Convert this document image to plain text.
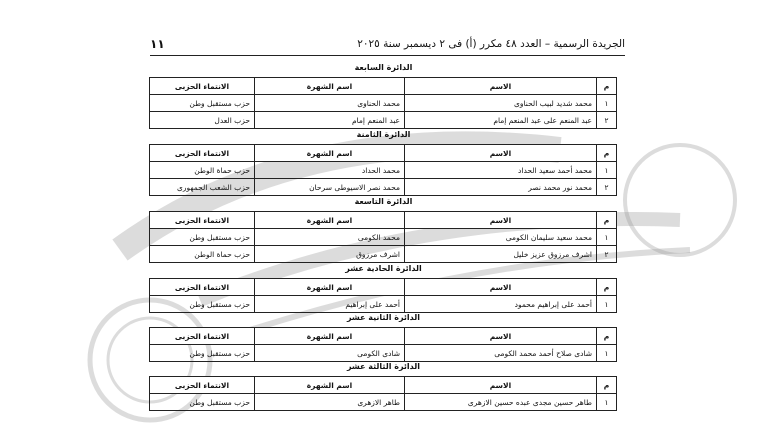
الجريدة الرسمية – العدد ٤٨ مكرر (أ) فى ٢ ديسمبر سنة ٢٠٢٥
١١
الدائرة السابعة
م	الاسم	اسم الشهرة	الانتماء الحزبى
١	محمد شديد لبيب الحناوى	محمد الحناوى	حزب مستقبل وطن
٢	عبد المنعم على عبد المنعم إمام	عبد المنعم إمام	حزب العدل
الدائرة الثامنة
م	الاسم	اسم الشهرة	الانتماء الحزبى
١	محمد أحمد سعيد الحداد	محمد الحداد	حزب حماة الوطن
٢	محمد نور محمد نصر	محمد نصر الاسيوطى سرحان	حزب الشعب الجمهورى
الدائرة التاسعة
م	الاسم	اسم الشهرة	الانتماء الحزبى
١	محمد سعيد سليمان الكومى	محمد الكومى	حزب مستقبل وطن
٢	اشرف مرزوق عزيز خليل	اشرف مرزوق	حزب حماة الوطن
الدائرة الحادية عشر
م	الاسم	اسم الشهرة	الانتماء الحزبى
١	أحمد على إبراهيم محمود	أحمد على إبراهيم	حزب مستقبل وطن
الدائرة الثانية عشر
م	الاسم	اسم الشهرة	الانتماء الحزبى
١	شادى صلاح أحمد محمد الكومى	شادى الكومى	حزب مستقبل وطن
الدائرة الثالثة عشر
م	الاسم	اسم الشهرة	الانتماء الحزبى
١	طاهر حسين مجدى عبده حسين الازهرى	طاهر الازهرى	حزب مستقبل وطن
